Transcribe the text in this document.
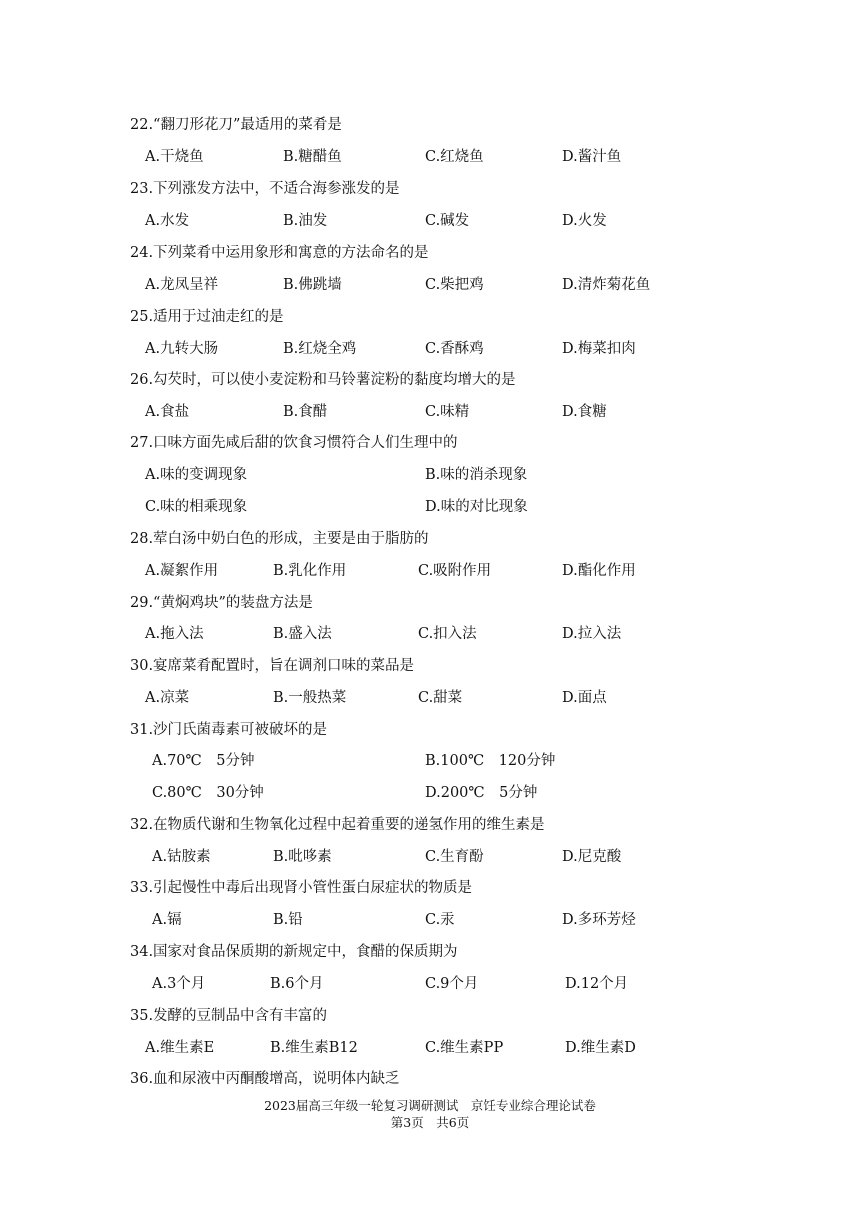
22.“翻刀形花刀”最适用的菜肴是
A.干烧鱼	B.糖醋鱼	C.红烧鱼	D.酱汁鱼
23.下列涨发方法中，不适合海参涨发的是
A.水发	B.油发	C.碱发	D.火发
24.下列菜肴中运用象形和寓意的方法命名的是
A.龙凤呈祥	B.佛跳墙	C.柴把鸡	D.清炸菊花鱼
25.适用于过油走红的是
A.九转大肠	B.红烧全鸡	C.香酥鸡	D.梅菜扣肉
26.勾芡时，可以使小麦淀粉和马铃薯淀粉的黏度均增大的是
A.食盐	B.食醋	C.味精	D.食糖
27.口味方面先咸后甜的饮食习惯符合人们生理中的
A.味的变调现象	B.味的消杀现象
C.味的相乘现象	D.味的对比现象
28.荤白汤中奶白色的形成，主要是由于脂肪的
A.凝絮作用	B.乳化作用	C.吸附作用	D.酯化作用
29.“黄焖鸡块”的装盘方法是
A.拖入法	B.盛入法	C.扣入法	D.拉入法
30.宴席菜肴配置时，旨在调剂口味的菜品是
A.凉菜	B.一般热菜	C.甜菜	D.面点
31.沙门氏菌毒素可被破坏的是
A.70℃　5分钟	B.100℃　120分钟
C.80℃　30分钟	D.200℃　5分钟
32.在物质代谢和生物氧化过程中起着重要的递氢作用的维生素是
A.钴胺素	B.吡哆素	C.生育酚	D.尼克酸
33.引起慢性中毒后出现肾小管性蛋白尿症状的物质是
A.镉	B.铅	C.汞	D.多环芳烃
34.国家对食品保质期的新规定中，食醋的保质期为
A.3个月	B.6个月	C.9个月	D.12个月
35.发酵的豆制品中含有丰富的
A.维生素E	B.维生素B12	C.维生素PP	D.维生素D
36.血和尿液中丙酮酸增高，说明体内缺乏
2023届高三年级一轮复习调研测试　京饪专业综合理论试卷
第3页　共6页
